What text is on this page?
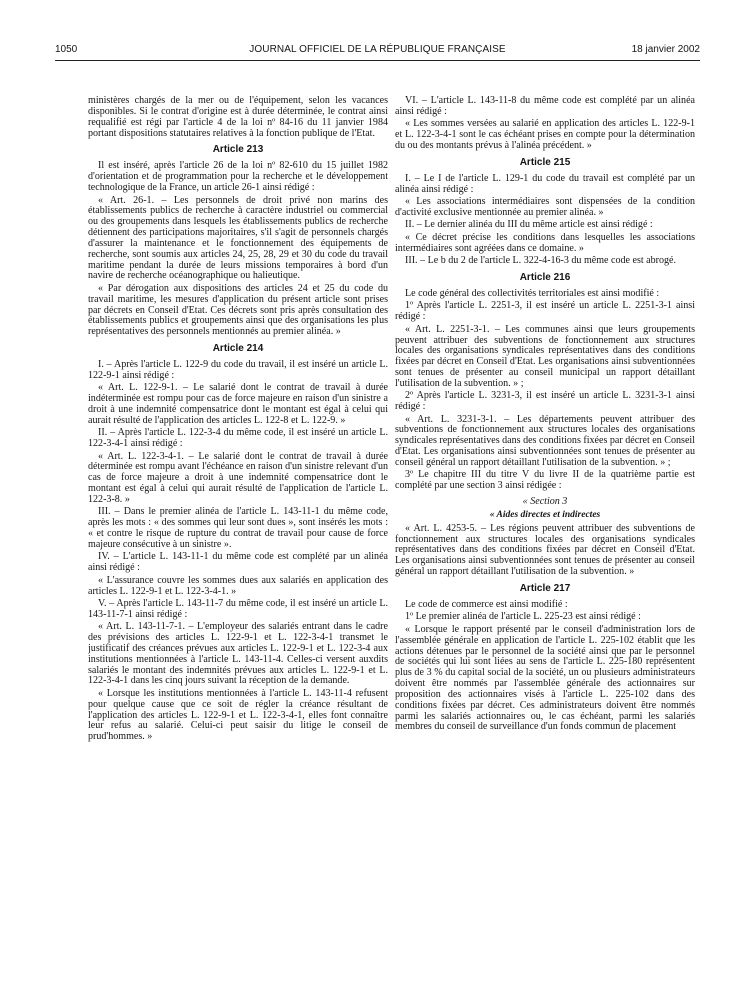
1050	JOURNAL OFFICIEL DE LA RÉPUBLIQUE FRANÇAISE	18 janvier 2002

ministères chargés de la mer ou de l'équipement, selon les vacances disponibles. Si le contrat d'origine est à durée déterminée, le contrat ainsi requalifié est régi par l'article 4 de la loi nº 84-16 du 11 janvier 1984 portant dispositions statutaires relatives à la fonction publique de l'Etat.

Article 213

Il est inséré, après l'article 26 de la loi nº 82-610 du 15 juillet 1982 d'orientation et de programmation pour la recherche et le développement technologique de la France, un article 26-1 ainsi rédigé :

« Art. 26-1. – Les personnels de droit privé non marins des établissements publics de recherche à caractère industriel ou commercial ou des groupements dans lesquels les établissements publics de recherche détiennent des participations majoritaires, s'il s'agit de personnels chargés d'assurer la maintenance et le fonctionnement des équipements de recherche, sont soumis aux articles 24, 25, 28, 29 et 30 du code du travail maritime pendant la durée de leurs missions temporaires à bord d'un navire de recherche océanographique ou halieutique.

« Par dérogation aux dispositions des articles 24 et 25 du code du travail maritime, les mesures d'application du présent article sont prises par décrets en Conseil d'Etat. Ces décrets sont pris après consultation des établissements publics et groupements ainsi que des organisations les plus représentatives des personnels mentionnés au premier alinéa. »

Article 214

I. – Après l'article L. 122-9 du code du travail, il est inséré un article L. 122-9-1 ainsi rédigé :

« Art. L. 122-9-1. – Le salarié dont le contrat de travail à durée indéterminée est rompu pour cas de force majeure en raison d'un sinistre a droit à une indemnité compensatrice dont le montant est égal à celui qui aurait résulté de l'application des articles L. 122-8 et L. 122-9. »

II. – Après l'article L. 122-3-4 du même code, il est inséré un article L. 122-3-4-1 ainsi rédigé :

« Art. L. 122-3-4-1. – Le salarié dont le contrat de travail à durée déterminée est rompu avant l'échéance en raison d'un sinistre relevant d'un cas de force majeure a droit à une indemnité compensatrice dont le montant est égal à celui qui aurait résulté de l'application de l'article L. 122-3-8. »

III. – Dans le premier alinéa de l'article L. 143-11-1 du même code, après les mots : « des sommes qui leur sont dues », sont insérés les mots : « et contre le risque de rupture du contrat de travail pour cause de force majeure consécutive à un sinistre ».

IV. – L'article L. 143-11-1 du même code est complété par un alinéa ainsi rédigé :

« L'assurance couvre les sommes dues aux salariés en application des articles L. 122-9-1 et L. 122-3-4-1. »

V. – Après l'article L. 143-11-7 du même code, il est inséré un article L. 143-11-7-1 ainsi rédigé :

« Art. L. 143-11-7-1. – L'employeur des salariés entrant dans le cadre des prévisions des articles L. 122-9-1 et L. 122-3-4-1 transmet le justificatif des créances prévues aux articles L. 122-9-1 et L. 122-3-4 aux institutions mentionnées à l'article L. 143-11-4. Celles-ci versent auxdits salariés le montant des indemnités prévues aux articles L. 122-9-1 et L. 122-3-4-1 dans les cinq jours suivant la réception de la demande.

« Lorsque les institutions mentionnées à l'article L. 143-11-4 refusent pour quelque cause que ce soit de régler la créance résultant de l'application des articles L. 122-9-1 et L. 122-3-4-1, elles font connaître leur refus au salarié. Celui-ci peut saisir du litige le conseil de prud'hommes. »

VI. – L'article L. 143-11-8 du même code est complété par un alinéa ainsi rédigé :

« Les sommes versées au salarié en application des articles L. 122-9-1 et L. 122-3-4-1 sont le cas échéant prises en compte pour la détermination du ou des montants prévus à l'alinéa précédent. »

Article 215

I. – Le I de l'article L. 129-1 du code du travail est complété par un alinéa ainsi rédigé :

« Les associations intermédiaires sont dispensées de la condition d'activité exclusive mentionnée au premier alinéa. »

II. – Le dernier alinéa du III du même article est ainsi rédigé :

« Ce décret précise les conditions dans lesquelles les associations intermédiaires sont agréées dans ce domaine. »

III. – Le b du 2 de l'article L. 322-4-16-3 du même code est abrogé.

Article 216

Le code général des collectivités territoriales est ainsi modifié :

1º Après l'article L. 2251-3, il est inséré un article L. 2251-3-1 ainsi rédigé :

« Art. L. 2251-3-1. – Les communes ainsi que leurs groupements peuvent attribuer des subventions de fonctionnement aux structures locales des organisations syndicales représentatives dans des conditions fixées par décret en Conseil d'Etat. Les organisations ainsi subventionnées sont tenues de présenter au conseil municipal un rapport détaillant l'utilisation de la subvention. » ;

2º Après l'article L. 3231-3, il est inséré un article L. 3231-3-1 ainsi rédigé :

« Art. L. 3231-3-1. – Les départements peuvent attribuer des subventions de fonctionnement aux structures locales des organisations syndicales représentatives dans des conditions fixées par décret en Conseil d'Etat. Les organisations ainsi subventionnées sont tenues de présenter au conseil général un rapport détaillant l'utilisation de la subvention. » ;

3º Le chapitre III du titre V du livre II de la quatrième partie est complété par une section 3 ainsi rédigée :

« Section 3
« Aides directes et indirectes

« Art. L. 4253-5. – Les régions peuvent attribuer des subventions de fonctionnement aux structures locales des organisations syndicales représentatives dans des conditions fixées par décret en Conseil d'Etat. Les organisations ainsi subventionnées sont tenues de présenter au conseil général un rapport détaillant l'utilisation de la subvention. »

Article 217

Le code de commerce est ainsi modifié :

1º Le premier alinéa de l'article L. 225-23 est ainsi rédigé :

« Lorsque le rapport présenté par le conseil d'administration lors de l'assemblée générale en application de l'article L. 225-102 établit que les actions détenues par le personnel de la société ainsi que par le personnel de sociétés qui lui sont liées au sens de l'article L. 225-180 représentent plus de 3 % du capital social de la société, un ou plusieurs administrateurs doivent être nommés par l'assemblée générale des actionnaires sur proposition des actionnaires visés à l'article L. 225-102 dans des conditions fixées par décret. Ces administrateurs doivent être nommés parmi les salariés actionnaires ou, le cas échéant, parmi les salariés membres du conseil de surveillance d'un fonds commun de placement
